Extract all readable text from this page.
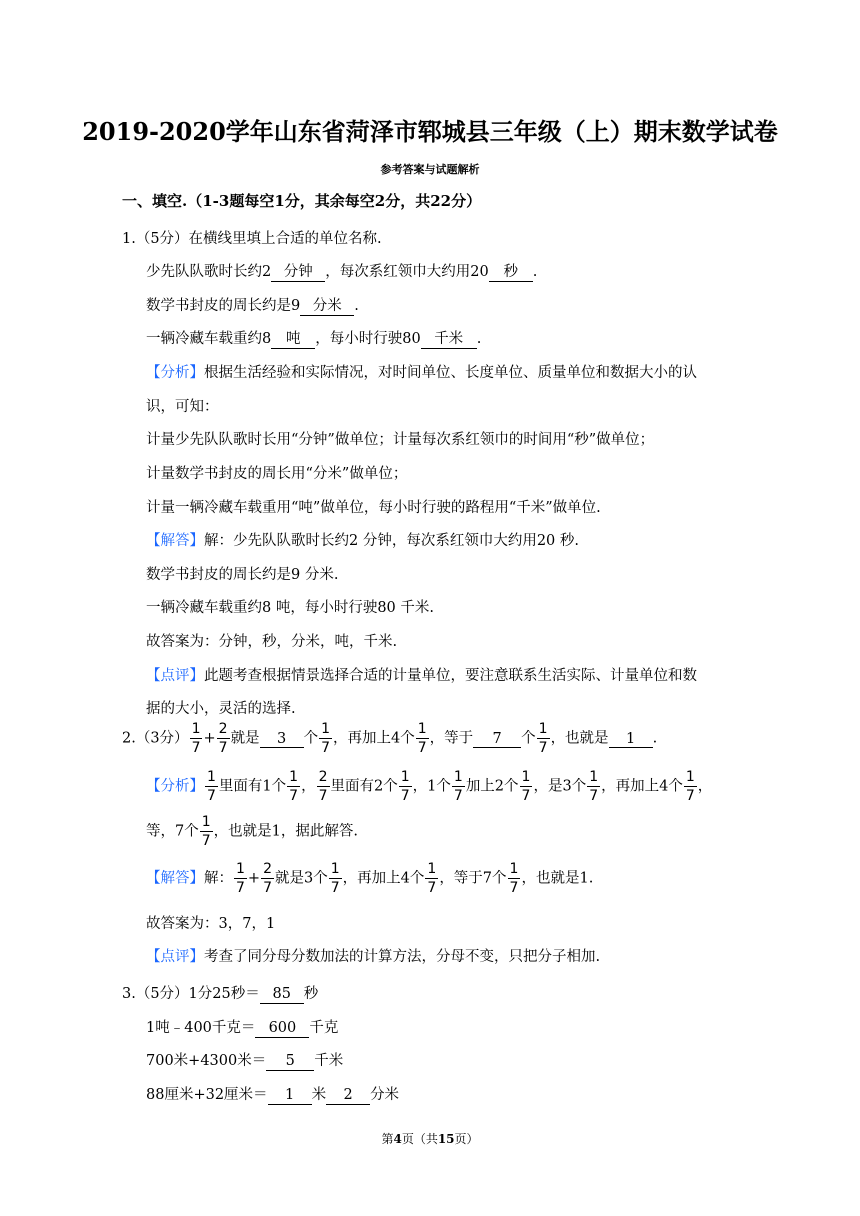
2019-2020学年山东省菏泽市郓城县三年级（上）期末数学试卷
参考答案与试题解析
一、填空.（1-3题每空1分，其余每空2分，共22分）
1.（5分）在横线里填上合适的单位名称.
少先队队歌时长约2 分钟 ，每次系红领巾大约用20 秒 .
数学书封皮的周长约是9 分米 .
一辆冷藏车载重约8 吨 ，每小时行驶80 千米 .
【分析】根据生活经验和实际情况，对时间单位、长度单位、质量单位和数据大小的认
识，可知：
计量少先队队歌时长用“分钟”做单位；计量每次系红领巾的时间用“秒”做单位；
计量数学书封皮的周长用“分米”做单位；
计量一辆冷藏车载重用“吨”做单位，每小时行驶的路程用“千米”做单位.
【解答】解：少先队队歌时长约2 分钟，每次系红领巾大约用20 秒.
数学书封皮的周长约是9 分米.
一辆冷藏车载重约8 吨，每小时行驶80 千米.
故答案为：分钟，秒，分米，吨，千米.
【点评】此题考查根据情景选择合适的计量单位，要注意联系生活实际、计量单位和数
据的大小，灵活的选择.
2.（3分） $\frac{1}{7} + \frac{2}{7}$ 就是 3 个 $\frac{1}{7}$ ，再加上4个 $\frac{1}{7}$ ，等于 7 个 $\frac{1}{7}$ ，也就是 1 .
【分析】 $\frac{1}{7}$ 里面有1个 $\frac{1}{7}$ ， $\frac{2}{7}$ 里面有2个 $\frac{1}{7}$ ，1个 $\frac{1}{7}$ 加上2个 $\frac{1}{7}$ ，是3个 $\frac{1}{7}$ ，再加上4个 $\frac{1}{7}$ ，
等，7个 $\frac{1}{7}$ ，也就是1，据此解答.
【解答】解： $\frac{1}{7} + \frac{2}{7}$ 就是3个 $\frac{1}{7}$ ，再加上4个 $\frac{1}{7}$ ，等于7个 $\frac{1}{7}$ ，也就是1.
故答案为：3，7，1
【点评】考查了同分母分数加法的计算方法，分母不变，只把分子相加.
3.（5分）1分25秒＝ 85 秒
1吨﹣400千克＝ 600 千克
700米+4300米＝ 5 千米
88厘米+32厘米＝ 1 米 2 分米
第4页（共15页）
